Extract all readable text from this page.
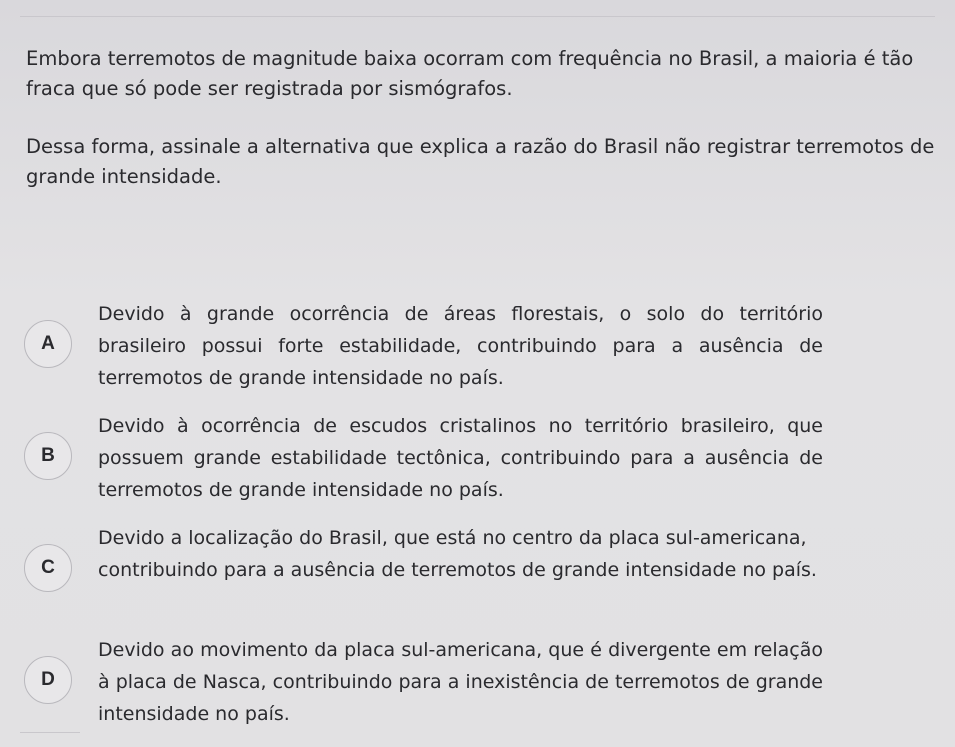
Embora terremotos de magnitude baixa ocorram com frequência no Brasil, a maioria é tão fraca que só pode ser registrada por sismógrafos.

Dessa forma, assinale a alternativa que explica a razão do Brasil não registrar terremotos de grande intensidade.

A
Devido à grande ocorrência de áreas florestais, o solo do território brasileiro possui forte estabilidade, contribuindo para a ausência de terremotos de grande intensidade no país.
B
Devido à ocorrência de escudos cristalinos no território brasileiro, que possuem grande estabilidade tectônica, contribuindo para a ausência de terremotos de grande intensidade no país.
C
Devido a localização do Brasil, que está no centro da placa sul-americana, contribuindo para a ausência de terremotos de grande intensidade no país.
D
Devido ao movimento da placa sul-americana, que é divergente em relação à placa de Nasca, contribuindo para a inexistência de terremotos de grande intensidade no país.
